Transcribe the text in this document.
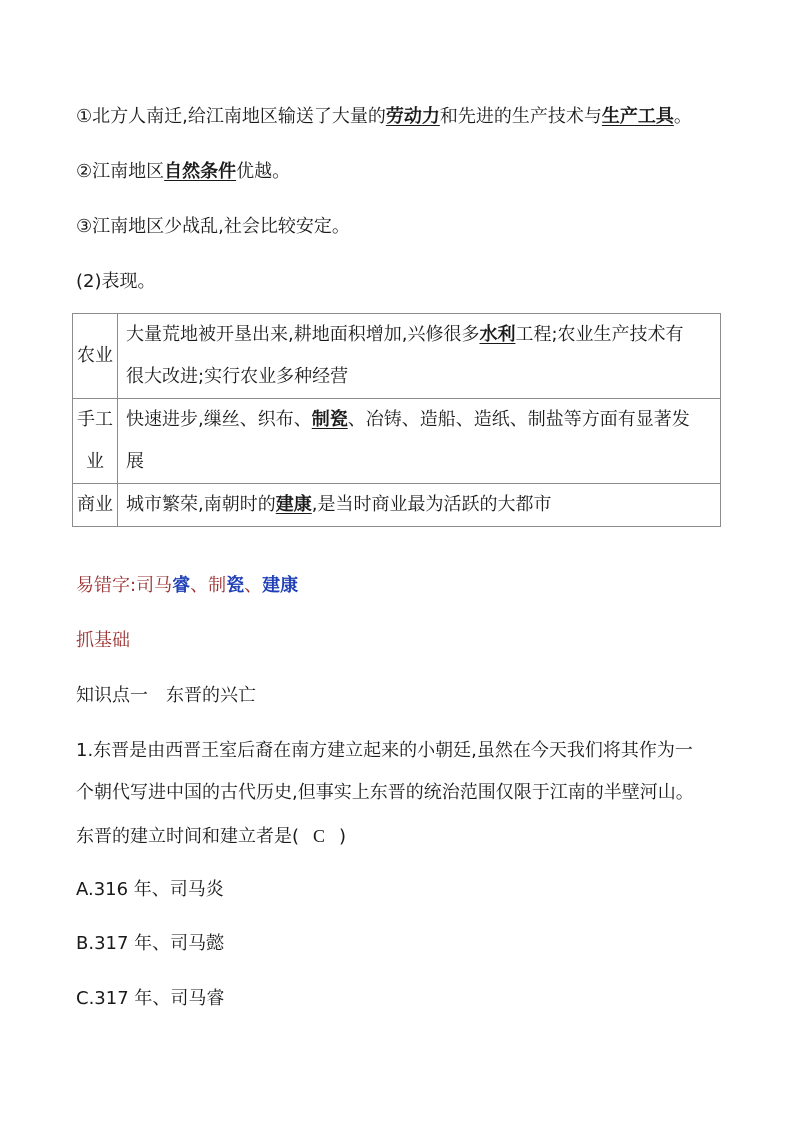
①北方人南迁,给江南地区输送了大量的劳动力和先进的生产技术与生产工具。
②江南地区自然条件优越。
③江南地区少战乱,社会比较安定。
(2)表现。
农业	大量荒地被开垦出来,耕地面积增加,兴修很多水利工程;农业生产技术有
很大改进;实行农业多种经营

手工
业	快速进步,缫丝、织布、制瓷、冶铸、造船、造纸、制盐等方面有显著发
展

商业	城市繁荣,南朝时的建康,是当时商业最为活跃的大都市
易错字:司马睿、制瓷、建康
抓基础
知识点一　东晋的兴亡
1.东晋是由西晋王室后裔在南方建立起来的小朝廷,虽然在今天我们将其作为一
个朝代写进中国的古代历史,但事实上东晋的统治范围仅限于江南的半壁河山。
东晋的建立时间和建立者是( C )
A.316 年、司马炎
B.317 年、司马懿
C.317 年、司马睿
